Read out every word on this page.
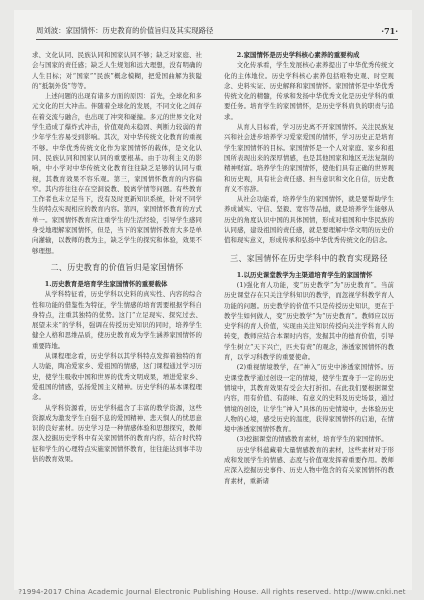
周刘波：家国情怀：历史教育的价值旨归及其实现路径	·71·

求、文化认同、民族认同和国家认同不够；缺乏对家庭、社会与国家的责任感；缺乏人生规划和远大理想，没有明确的人生目标；对“国家”“民族”概念模糊，把爱国曲解为狭隘的“抵制外货”等等。

上述问题的出现有诸多方面的原因：首先，全球化和多元文化的巨大冲击。伴随着全球化的发展，不同文化之间存在着交流与融合，也出现了冲突和碰撞。多元的世界文化对学生造成了爆炸式冲击，价值观尚未稳固、判断力较弱的青少年学生容易受到影响。其次，对中华传统文化教育的重视不够。中华优秀传统文化作为家国情怀的载体，是文化认同、民族认同和国家认同的重要根基。由于功利主义的影响，中小学对中华传统文化教育往往缺乏足够的认同与重视，其教育效果不容乐观。第三，家国情怀教育的内容偏窄。其内容往往存在空洞说教、脱离学情等问题。有些教育工作者也未立足当下，没有及时更新知识系统，针对不同学生的特点实现相应的教育内容。第四，家国情怀教育的方式单一。家国情怀教育应注重学生的生活经验，引导学生感同身受地理解家国情怀，但是，当下的家国情怀教育大多是单向灌输，以教师的教为主，缺乏学生的探究和体验，效果不够理想。

二、历史教育的价值旨归是家国情怀

1.历史教育是培育学生家国情怀的重要载体

从学科特征看，历史学科以史料的真实性、内容的综合性和功能的借鉴性为特征，学生情感的培育需要根据学科自身特点，注重其独特的优势。这门“立足现实、探究过去、展望未来”的学科，强调在传授历史知识的同时，培养学生健全人格和思维品质，使历史教育成为学生涵养家国情怀的重要阵地。

从课程理念看，历史学科以其学科特点发挥着独特的育人功能，陶冶爱家乡、爱祖国的情感，这门课程通过学习历史，使学生吸收中国和世界的优秀文明成果，增进爱家乡、爱祖国的情感，弘扬爱国主义精神。历史学科的基本课程理念。

从学科资源看，历史学科蕴含了丰富的教学资源，这些资源成为激发学生自强不息的爱国精神、悲天悯人的忧思意识的良好素材。历史学习是一种情感体验和思想探究，教师深入挖掘历史学科中有关家国情怀的教育内容，结合时代特征和学生的心理特点实施家国情怀教育，往往能达到事半功倍的教育效果。

2.家国情怀是历史学科核心素养的重要构成

文化传承看，学生发展核心素养提出了中华优秀传统文化的主体地位。历史学科核心素养包括唯物史观、时空观念、史料实证、历史解释和家国情怀。家国情怀是中华优秀传统文化的精髓，传承和发扬中华优秀文化是历史学科的重要任务。培育学生的家国情怀，是历史学科肩负的职责与追求。

从育人目标看，学习历史离不开家国情怀。关注民族复兴和社会进步培养学习爱家爱国的情怀，学习历史正是培育学生家国情怀的目标。家国情怀是一个人对家庭、家乡和祖国所表现出来的深厚情感，也是其他国家和地区无法复制的精神财富。培养学生的家国情怀，使他们具有正确的世界观和历史观，具有社会责任感、担当意识和文化自信，历史教育义不容辞。

从社会功能看，培养学生的家国情怀，就是要帮助学生养成诚实、守信、坚毅、宽容等品德，就是培养学生能够从历史的角度认识中国的具体国情，形成对祖国和中华民族的认同感，建设祖国的责任感，就是要理解中华文明的历史价值和现实意义，形成传承和弘扬中华优秀传统文化的信念。

三、家国情怀在历史学科中的教育实现路径

1.以历史课堂教学为主渠道培育学生的家国情怀

(1)强化育人功能，变“历史教学”为“历史教育”。当前历史课堂存在只关注学科知识的教学，而忽视学科教学育人功能的问题。历史教学的价值不只是传授历史知识，更在于教学生如何做人，变“历史教学”为“历史教育”。教师应以历史学科的育人价值，实现由关注知识传授向关注学科育人的转变，教师应结合本课时内容，发掘其中的德育价值，引导学生树立“天下兴亡，匹夫有责”的观念，渗透家国情怀的教育，以学习科教学的重要使命。

(2)重视情境教学，在“神入”历史中渗透家国情怀。历史课堂教学通过创设一定的情境，使学生置身于一定的历史情境中，其教育效果有受会大打折扣。在此我们要根据课堂内容，用有价值、有韵味、有意义的史料及历史场景，通过情境的创设，让学生“神入”具体的历史情境中，去体验历史人物的心境，感受历史的温度，获得家国情怀的启迪，在情境中渗透家国情怀教育。

(3)挖掘课堂的情感教育素材，培育学生的家国情怀。

历史学科蕴藏着大量情感教育的素材，这些素材对于形成和发展学生的情感、态度与价值观发挥着重要作用。教师应深入挖掘历史事件、历史人物中饱含的有关家国情怀的教育素材，重新诸

?1994-2017 China Academic Journal Electronic Publishing House. All rights reserved. http://www.cnki.net
